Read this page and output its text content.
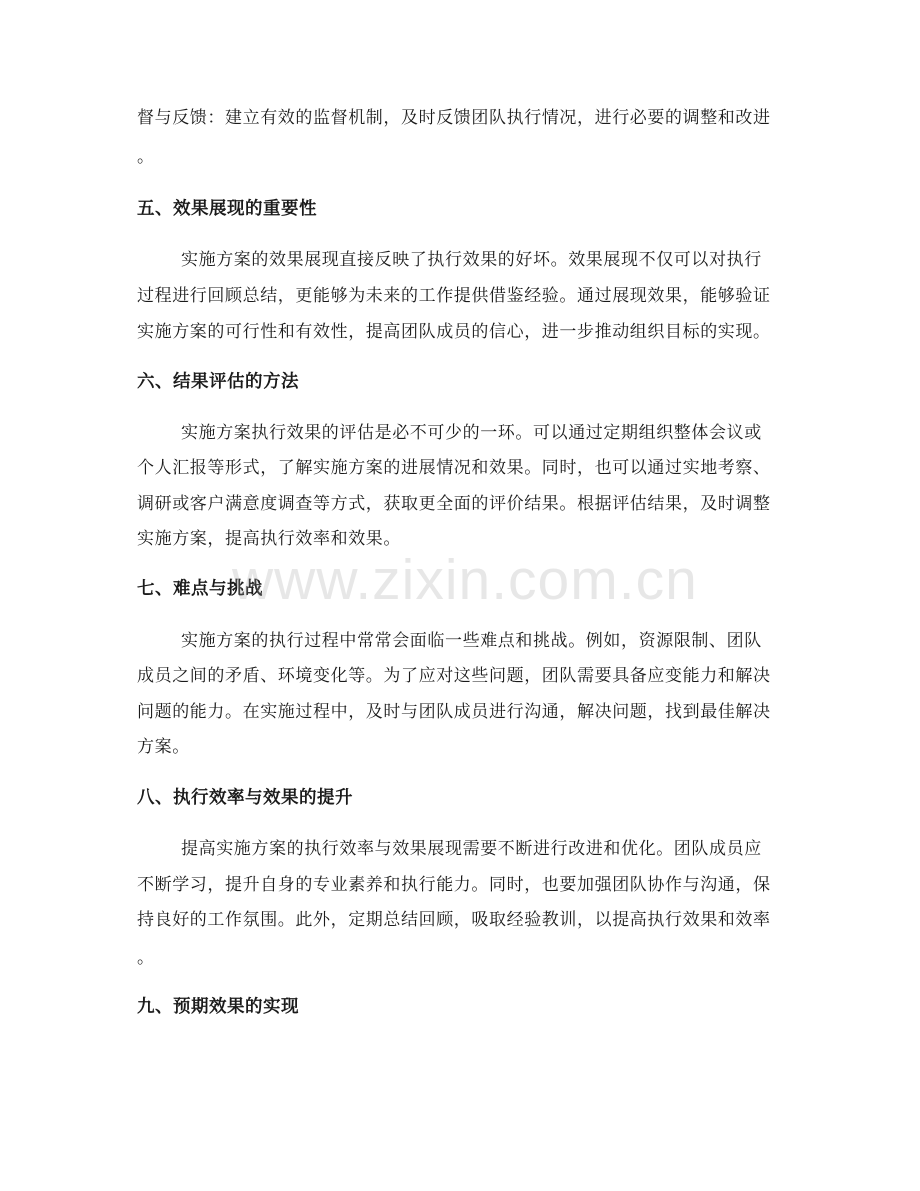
督与反馈：建立有效的监督机制，及时反馈团队执行情况，进行必要的调整和改进
。
五、效果展现的重要性
实施方案的效果展现直接反映了执行效果的好坏。效果展现不仅可以对执行
过程进行回顾总结，更能够为未来的工作提供借鉴经验。通过展现效果，能够验证
实施方案的可行性和有效性，提高团队成员的信心，进一步推动组织目标的实现。
六、结果评估的方法
实施方案执行效果的评估是必不可少的一环。可以通过定期组织整体会议或
个人汇报等形式，了解实施方案的进展情况和效果。同时，也可以通过实地考察、
调研或客户满意度调查等方式，获取更全面的评价结果。根据评估结果，及时调整
实施方案，提高执行效率和效果。
七、难点与挑战
实施方案的执行过程中常常会面临一些难点和挑战。例如，资源限制、团队
成员之间的矛盾、环境变化等。为了应对这些问题，团队需要具备应变能力和解决
问题的能力。在实施过程中，及时与团队成员进行沟通，解决问题，找到最佳解决
方案。
八、执行效率与效果的提升
提高实施方案的执行效率与效果展现需要不断进行改进和优化。团队成员应
不断学习，提升自身的专业素养和执行能力。同时，也要加强团队协作与沟通，保
持良好的工作氛围。此外，定期总结回顾，吸取经验教训，以提高执行效果和效率
。
九、预期效果的实现
www.zixin.com.cn
